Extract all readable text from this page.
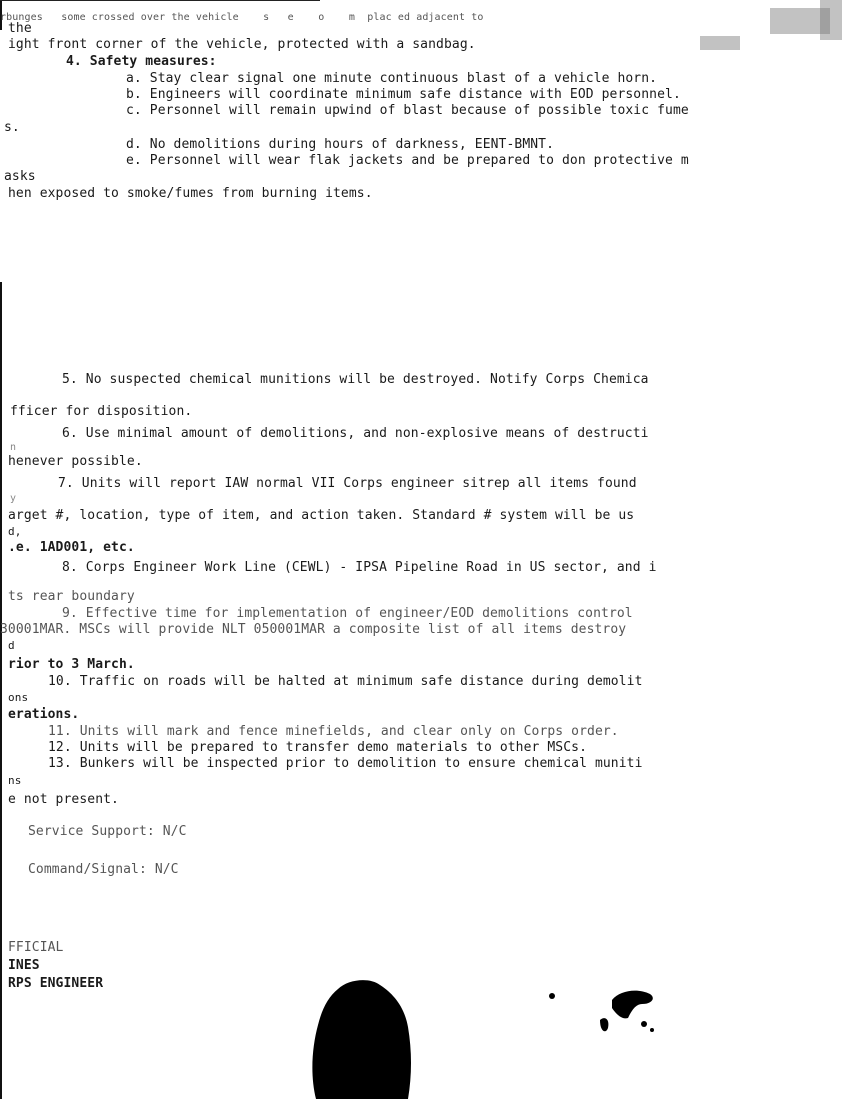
rbunges   some crossed over the vehicle    s   e    o    m  plac ed adjacent to
the
ight front corner of the vehicle, protected with a sandbag.
4. Safety measures:
a. Stay clear signal one minute continuous blast of a vehicle horn.
b. Engineers will coordinate minimum safe distance with EOD personnel.
c. Personnel will remain upwind of blast because of possible toxic fume
s.
d. No demolitions during hours of darkness, EENT-BMNT.
e. Personnel will wear flak jackets and be prepared to don protective m
asks
hen exposed to smoke/fumes from burning items.
5. No suspected chemical munitions will be destroyed. Notify Corps Chemica
fficer for disposition.
6. Use minimal amount of demolitions, and non-explosive means of destructi
n
henever possible.
7. Units will report IAW normal VII Corps engineer sitrep all items found
y
arget #, location, type of item, and action taken. Standard # system will be us
d,
.e. 1AD001, etc.
8. Corps Engineer Work Line (CEWL) - IPSA Pipeline Road in US sector, and i
ts rear boundary
9. Effective time for implementation of engineer/EOD demolitions control
30001MAR. MSCs will provide NLT 050001MAR a composite list of all items destroy
d
rior to 3 March.
10. Traffic on roads will be halted at minimum safe distance during demolit
ons
erations.
11. Units will mark and fence minefields, and clear only on Corps order.
12. Units will be prepared to transfer demo materials to other MSCs.
13. Bunkers will be inspected prior to demolition to ensure chemical muniti
ns
e not present.
Service Support: N/C
Command/Signal: N/C
FFICIAL
INES
RPS ENGINEER
